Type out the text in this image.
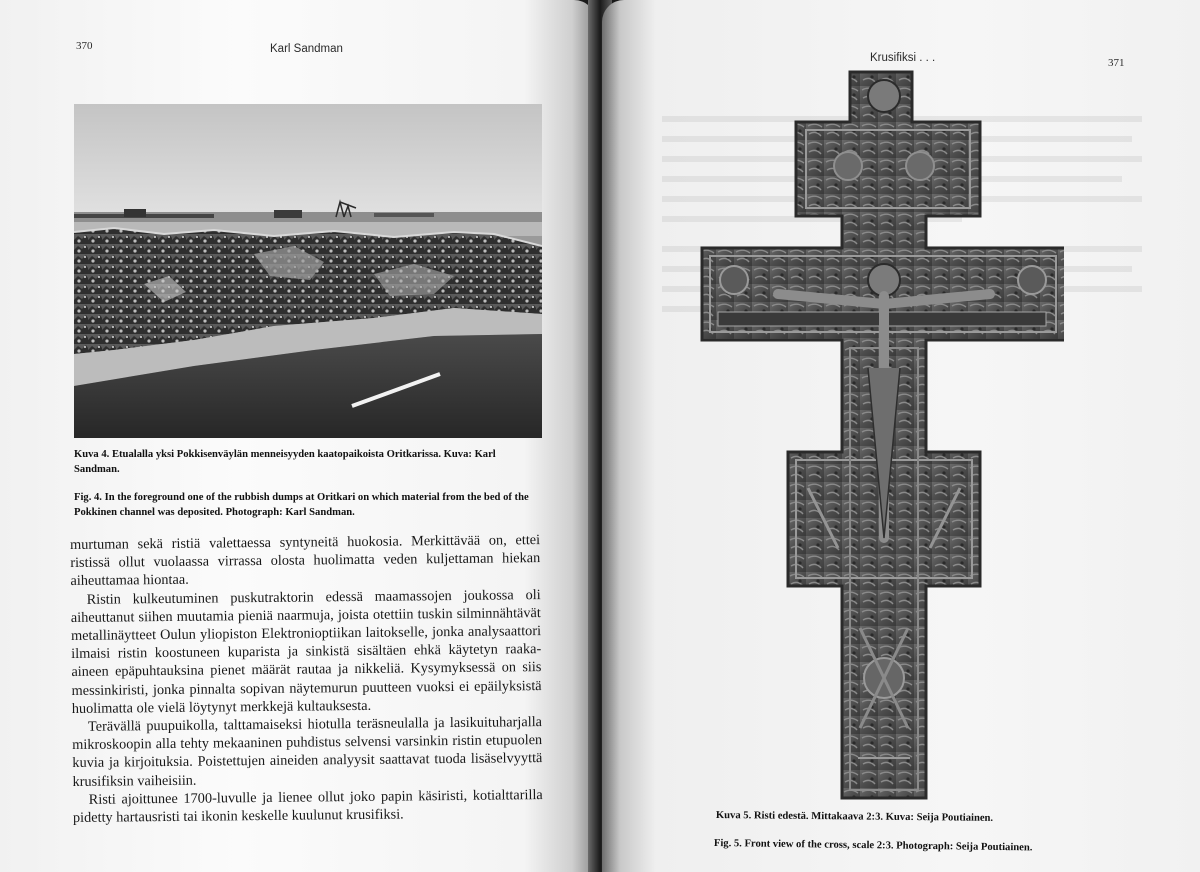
370	Karl Sandman
Kuva 4. Etualalla yksi Pokkisenväylän menneisyyden kaatopaikoista Oritkarissa. Kuva: Karl Sandman.
Fig. 4. In the foreground one of the rubbish dumps at Oritkari on which material from the bed of the Pokkinen channel was deposited. Photograph: Karl Sandman.

murtuman sekä ristiä valettaessa syntyneitä huokosia. Merkittävää on, ettei ristissä ollut vuolaassa virrassa olosta huolimatta veden kuljettaman hiekan aiheuttamaa hiontaa.

Ristin kulkeutuminen puskutraktorin edessä maamassojen joukossa oli aiheuttanut siihen muutamia pieniä naarmuja, joista otettiin tuskin silminnähtävät metallinäytteet Oulun yliopiston Elektronioptiikan laitokselle, jonka analysaattori ilmaisi ristin koostuneen kuparista ja sinkistä sisältäen ehkä käytetyn raaka-aineen epäpuhtauksina pienet määrät rautaa ja nikkeliä. Kysymyksessä on siis messinkiristi, jonka pinnalta sopivan näytemurun puutteen vuoksi ei epäilyksistä huolimatta ole vielä löytynyt merkkejä kultauksesta.

Terävällä puupuikolla, talttamaiseksi hiotulla teräsneulalla ja lasikuituharjalla mikroskoopin alla tehty mekaaninen puhdistus selvensi varsinkin ristin etupuolen kuvia ja kirjoituksia. Poistettujen aineiden analyysit saattavat tuoda lisäselvyyttä krusifiksin vaiheisiin.

Risti ajoittunee 1700-luvulle ja lienee ollut joko papin käsiristi, kotialttarilla pidetty hartausristi tai ikonin keskelle kuulunut krusifiksi.

Krusifiksi . . .	371
Kuva 5. Risti edestä. Mittakaava 2:3. Kuva: Seija Poutiainen.
Fig. 5. Front view of the cross, scale 2:3. Photograph: Seija Poutiainen.
